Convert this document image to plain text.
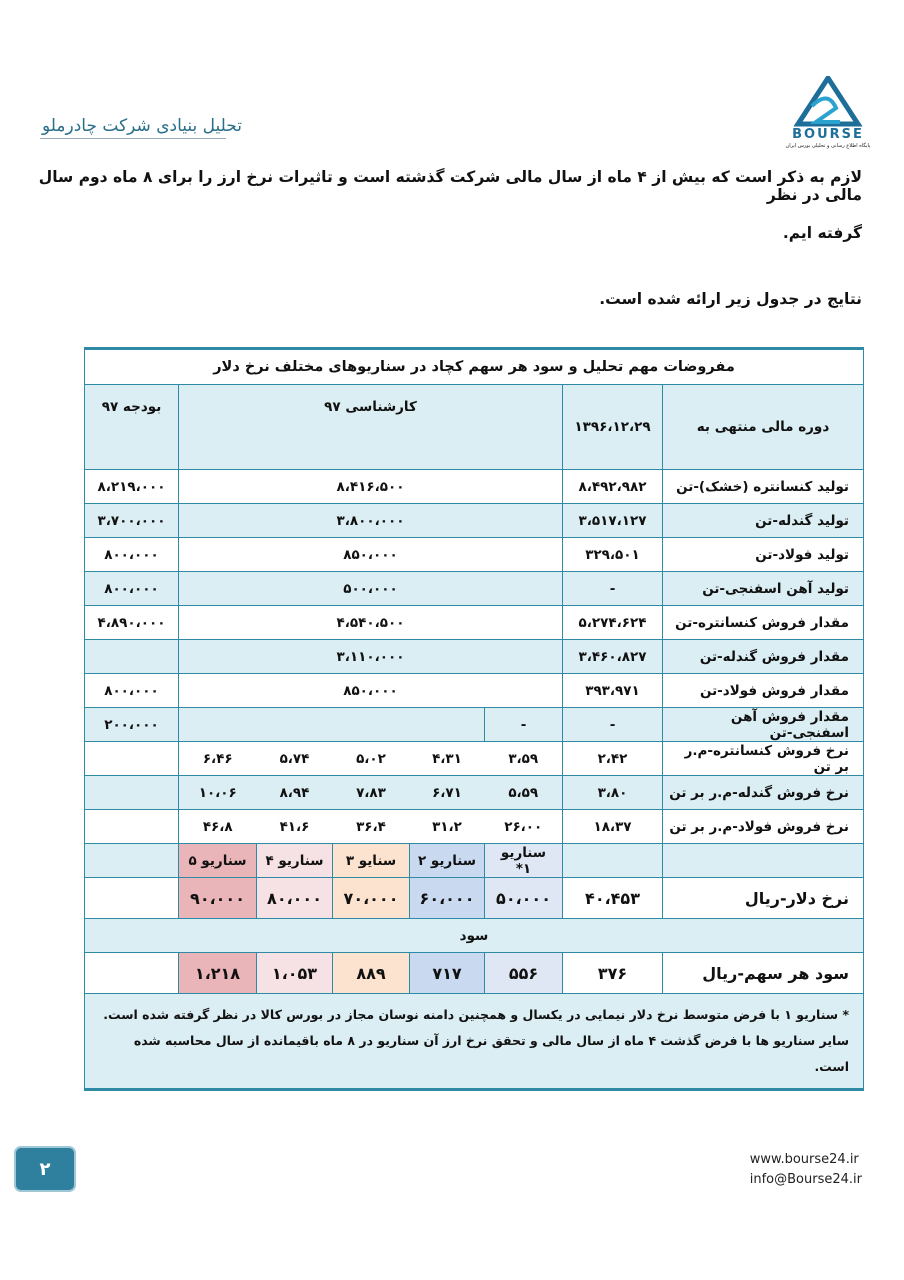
تحلیل بنیادی شرکت چادرملو	BOURSE
پایگاه اطلاع رسانی و تحلیلی بورس ایران
لازم به ذکر است که بیش از ۴ ماه از سال مالی شرکت گذشته است و تاثیرات نرخ ارز را برای ۸ ماه دوم سال مالی در نظر
گرفته ایم.
نتایج در جدول زیر ارائه شده است.
مفروضات مهم تحلیل و سود هر سهم کچاد در سناریوهای مختلف نرخ دلار							
دوره مالی منتهی به	۱۳۹۶،۱۲،۲۹	کارشناسی ۹۷					بودجه ۹۷
تولید کنسانتره (خشک)-تن	۸،۴۹۲،۹۸۲	۸،۴۱۶،۵۰۰					۸،۲۱۹،۰۰۰
تولید گندله-تن	۳،۵۱۷،۱۲۷	۳،۸۰۰،۰۰۰					۳،۷۰۰،۰۰۰
تولید فولاد-تن	۳۲۹،۵۰۱	۸۵۰،۰۰۰					۸۰۰،۰۰۰
تولید آهن اسفنجی-تن	-	۵۰۰،۰۰۰					۸۰۰،۰۰۰
مقدار فروش کنسانتره-تن	۵،۲۷۴،۶۲۴	۴،۵۴۰،۵۰۰					۴،۸۹۰،۰۰۰
مقدار فروش گندله-تن	۳،۴۶۰،۸۲۷	۳،۱۱۰،۰۰۰					
مقدار فروش فولاد-تن	۳۹۳،۹۷۱	۸۵۰،۰۰۰					۸۰۰،۰۰۰
مقدار فروش آهن اسفنجی-تن	-	-					۲۰۰،۰۰۰
نرخ فروش کنسانتره-م.ر بر تن	۲،۴۲	۳،۵۹	۴،۳۱	۵،۰۲	۵،۷۴	۶،۴۶	
نرخ فروش گندله-م.ر بر تن	۳،۸۰	۵،۵۹	۶،۷۱	۷،۸۳	۸،۹۴	۱۰،۰۶	
نرخ فروش فولاد-م.ر بر تن	۱۸،۳۷	۲۶،۰۰	۳۱،۲	۳۶،۴	۴۱،۶	۴۶،۸	
		سناریو ۱*	سناریو ۲	سنایو ۳	سناریو ۴	سناریو ۵	
نرخ دلار-ریال	۴۰،۴۵۳	۵۰،۰۰۰	۶۰،۰۰۰	۷۰،۰۰۰	۸۰،۰۰۰	۹۰،۰۰۰	
سود							
سود هر سهم-ریال	۳۷۶	۵۵۶	۷۱۷	۸۸۹	۱،۰۵۳	۱،۲۱۸	

* سناریو ۱ با فرض متوسط نرخ دلار نیمایی در یکسال و همچنین دامنه نوسان مجاز در بورس کالا در نظر گرفته شده است.
سایر سناریو ها با فرض گذشت ۴ ماه از سال مالی و تحقق نرخ ارز آن سناریو در ۸ ماه باقیمانده از سال محاسبه شده است.							
۲	www.bourse24.ir
info@Bourse24.ir
